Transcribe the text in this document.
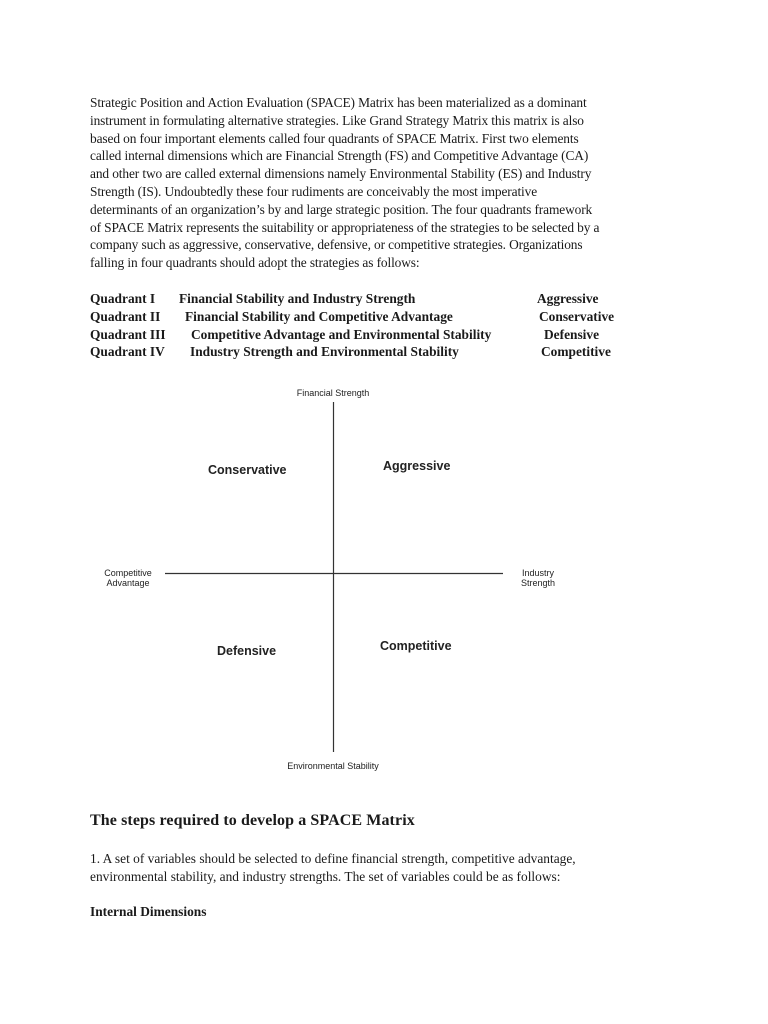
Strategic Position and Action Evaluation (SPACE) Matrix has been materialized as a dominant
instrument in formulating alternative strategies. Like Grand Strategy Matrix this matrix is also
based on four important elements called four quadrants of SPACE Matrix. First two elements
called internal dimensions which are Financial Strength (FS) and Competitive Advantage (CA)
and other two are called external dimensions namely Environmental Stability (ES) and Industry
Strength (IS). Undoubtedly these four rudiments are conceivably the most imperative
determinants of an organization’s by and large strategic position. The four quadrants framework
of SPACE Matrix represents the suitability or appropriateness of the strategies to be selected by a
company such as aggressive, conservative, defensive, or competitive strategies. Organizations
falling in four quadrants should adopt the strategies as follows:

Quadrant I Financial Stability and Industry Strength	Aggressive
Quadrant II Financial Stability and Competitive Advantage	Conservative
Quadrant III Competitive Advantage and Environmental Stability	Defensive
Quadrant IV Industry Strength and Environmental Stability	Competitive
Financial Strength
Environmental Stability
Competitive
Advantage
Industry
Strength
Conservative	Aggressive
Defensive	Competitive
The steps required to develop a SPACE Matrix

1. A set of variables should be selected to define financial strength, competitive advantage,
environmental stability, and industry strengths. The set of variables could be as follows:

Internal Dimensions
